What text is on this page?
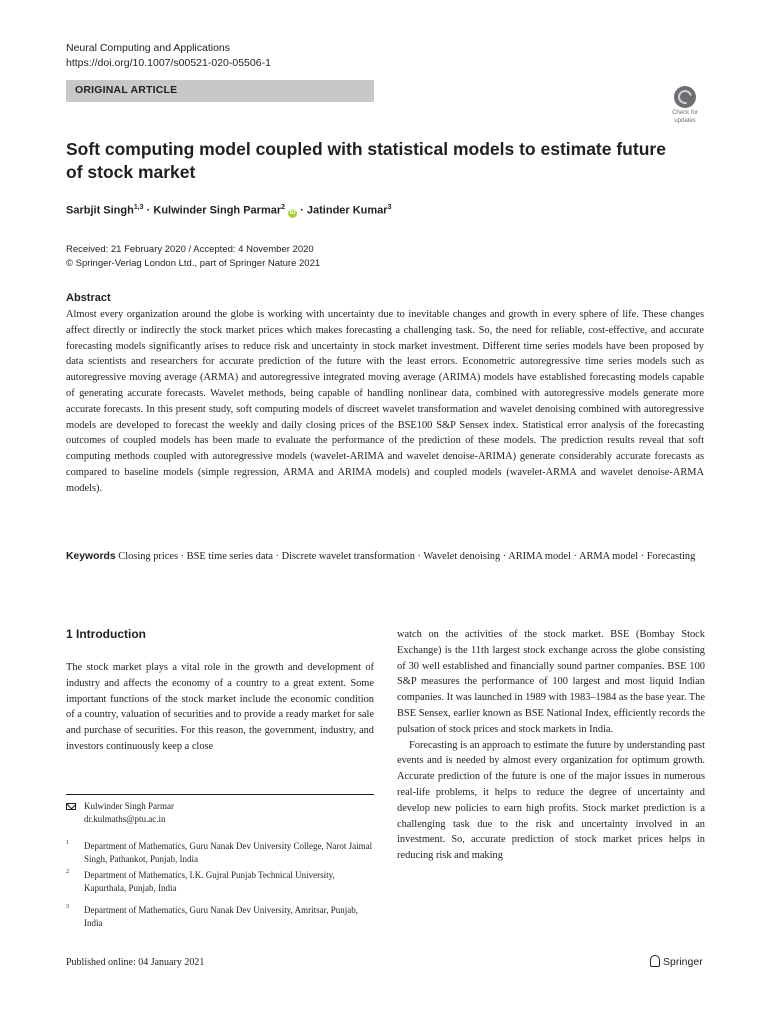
Neural Computing and Applications
https://doi.org/10.1007/s00521-020-05506-1
ORIGINAL ARTICLE
Check for
updates
Soft computing model coupled with statistical models to estimate future of stock market
Sarbjit Singh$^{1,3}$ · Kulwinder Singh Parmar$^2$ iD · Jatinder Kumar$^3$
Received: 21 February 2020 / Accepted: 4 November 2020
© Springer-Verlag London Ltd., part of Springer Nature 2021
Abstract

Almost every organization around the globe is working with uncertainty due to inevitable changes and growth in every sphere of life. These changes affect directly or indirectly the stock market prices which makes forecasting a challenging task. So, the need for reliable, cost-effective, and accurate forecasting models significantly arises to reduce risk and uncertainty in stock market investment. Different time series models have been proposed by data scientists and researchers for accurate prediction of the future with the least errors. Econometric autoregressive time series models such as autoregressive moving average (ARMA) and autoregressive integrated moving average (ARIMA) models have established forecasting models capable of generating accurate forecasts. Wavelet methods, being capable of handling nonlinear data, combined with autoregressive models generate more accurate forecasts. In this present study, soft computing models of discreet wavelet transformation and wavelet denoising combined with autoregressive models are developed to forecast the weekly and daily closing prices of the BSE100 S&P Sensex index. Statistical error analysis of the forecasting outcomes of coupled models has been made to evaluate the performance of the prediction of these models. The prediction results reveal that soft computing methods coupled with autoregressive models (wavelet-ARIMA and wavelet denoise-ARIMA) generate considerably accurate forecasts as compared to baseline models (simple regression, ARMA and ARIMA models) and coupled models (wavelet-ARMA and wavelet denoise-ARMA models).

Keywords Closing prices · BSE time series data · Discrete wavelet transformation · Wavelet denoising · ARIMA model · ARMA model · Forecasting

1 Introduction

The stock market plays a vital role in the growth and development of industry and affects the economy of a country to a great extent. Some important functions of the stock market include the economic condition of a country, valuation of securities and to provide a ready market for sale and purchase of securities. For this reason, the government, industry, and investors continuously keep a close

watch on the activities of the stock market. BSE (Bombay Stock Exchange) is the 11th largest stock exchange across the globe consisting of 30 well established and financially sound partner companies. BSE 100 S&P measures the performance of 100 largest and most liquid Indian companies. It was launched in 1989 with 1983–1984 as the base year. The BSE Sensex, earlier known as BSE National Index, efficiently records the pulsation of stock prices and stock markets in India.

Forecasting is an approach to estimate the future by understanding past events and is needed by almost every organization for optimum growth. Accurate prediction of the future is one of the major issues in numerous real-life problems, it helps to reduce the degree of uncertainty and develop new policies to earn high profits. Stock market prediction is a challenging task due to the risk and uncertainty involved in an investment. So, accurate prediction of stock market prices helps in reducing risk and making

Kulwinder Singh Parmar
dr.kulmaths@ptu.ac.in
1 Department of Mathematics, Guru Nanak Dev University College, Narot Jaimal Singh, Pathankot, Punjab, India
2 Department of Mathematics, I.K. Gujral Punjab Technical University, Kapurthala, Punjab, India
3 Department of Mathematics, Guru Nanak Dev University, Amritsar, Punjab, India
Published online: 04 January 2021	Springer
